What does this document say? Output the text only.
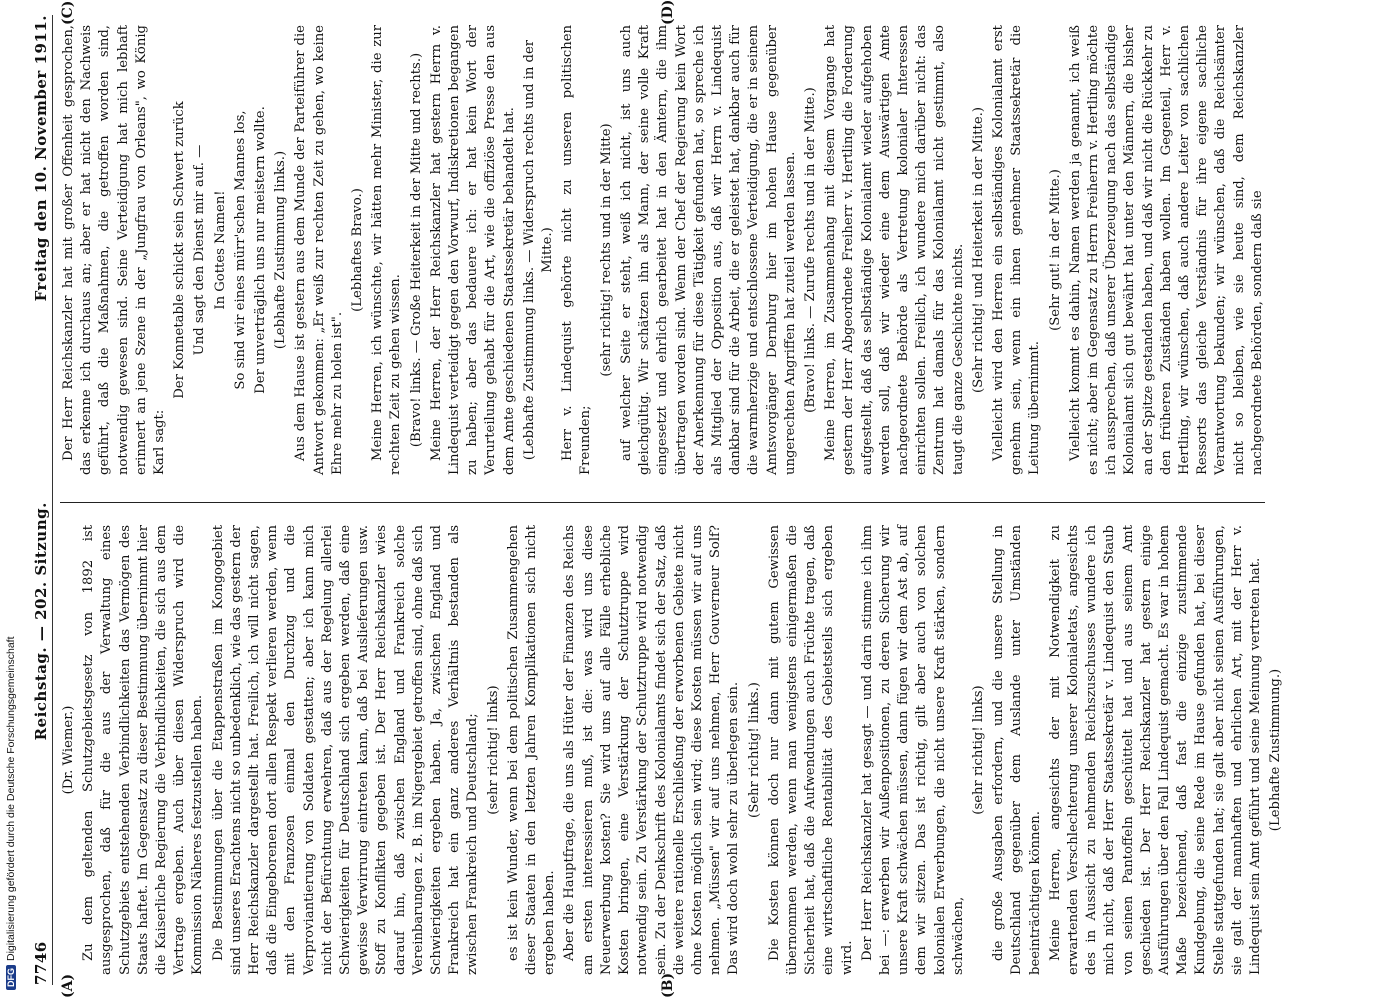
7746
Reichstag. — 202. Sitzung.
Freitag den 10. November 1911.

(Dr. Wiemer.) Zu dem geltenden Schutzgebietsgesetz von 1892 ist ausgesprochen, daß für die aus der Verwaltung eines Schutzgebiets entstehenden Verbindlichkeiten das Vermögen des Staats haftet. Im Gegensatz zu dieser Bestimmung übernimmt hier die Kaiserliche Regierung die Verbindlichkeiten, die sich aus dem Vertrage ergeben. Auch über diesen Widerspruch wird die Kommission Näheres festzustellen haben. Die Bestimmungen über die Etappenstraßen im Kongogebiet sind unseres Erachtens nicht so unbedenklich, wie das gestern der Herr Reichskanzler dargestellt hat. Freilich, ich will nicht sagen, daß die Eingeborenen dort allen Respekt verlieren werden, wenn mit den Franzosen einmal den Durchzug und die Verproviantierung von Soldaten gestatten; aber ich kann mich nicht der Befürchtung erwehren, daß aus der Regelung allerlei Schwierigkeiten für Deutschland sich ergeben werden, daß eine gewisse Verwirrung eintreten kann, daß bei Auslieferungen usw. Stoff zu Konflikten gegeben ist. Der Herr Reichskanzler wies darauf hin, daß zwischen England und Frankreich solche Vereinbarungen z. B. im Nigergebiet getroffen sind, ohne daß sich Schwierigkeiten ergeben haben. Ja, zwischen England und Frankreich hat ein ganz anderes Verhältnis bestanden als zwischen Frankreich und Deutschland; (sehr richtig! links) es ist kein Wunder, wenn bei dem politischen Zusammengehen dieser Staaten in den letzten Jahren Komplikationen sich nicht ergeben haben. Aber die Hauptfrage, die uns als Hüter der Finanzen des Reichs am ersten interessieren muß, ist die: was wird uns diese Neuerwerbung kosten? Sie wird uns auf alle Fälle erhebliche Kosten bringen, eine Verstärkung der Schutztruppe wird notwendig sein. Zu Verstärkung der Schutztruppe wird notwendig sein. Zu der Denkschrift des Kolonialamts findet sich der Satz, daß die weitere rationelle Erschließung der erworbenen Gebiete nicht ohne Kosten möglich sein wird; diese Kosten müssen wir auf uns nehmen. „Müssen" wir auf uns nehmen, Herr Gouverneur Solf? Das wird doch wohl sehr zu überlegen sein. (Sehr richtig! links.) Die Kosten können doch nur dann mit gutem Gewissen übernommen werden, wenn man wenigstens einigermaßen die Sicherheit hat, daß die Aufwendungen auch Früchte tragen, daß eine wirtschaftliche Rentabilität des Gebietsteils sich ergeben wird. Der Herr Reichskanzler hat gesagt — und darin stimme ich ihm bei —: erwerben wir Außenpositionen, zu deren Sicherung wir unsere Kraft schwächen müssen, dann fügen wir dem Ast ab, auf dem wir sitzen. Das ist richtig, gilt aber auch von solchen kolonialen Erwerbungen, die nicht unsere Kraft stärken, sondern schwächen,

(sehr richtig! links) die große Ausgaben erfordern, und die unsere Stellung in Deutschland gegenüber dem Auslande unter Umständen beeinträchtigen können. Meine Herren, angesichts der mit Notwendigkeit zu erwartenden Verschlechterung unserer Kolonialetats, angesichts des in Aussicht zu nehmenden Reichszuschusses wundere ich mich nicht, daß der Herr Staatssekretär v. Lindequist den Staub von seinen Pantoffeln geschüttelt hat und aus seinem Amt geschieden ist. Der Herr Reichskanzler hat gestern einige Ausführungen über den Fall Lindequist gemacht. Es war in hohem Maße bezeichnend, daß fast die einzige zustimmende Kundgebung, die seine Rede im Hause gefunden hat, bei dieser Stelle stattgefunden hat; sie galt aber nicht seinen Ausführungen, sie galt der mannhaften und ehrlichen Art, mit der Herr v. Lindequist sein Amt geführt und seine Meinung vertreten hat. (Lebhafte Zustimmung.)

Der Herr Reichskanzler hat mit großer Offenheit gesprochen, das erkenne ich durchaus an; aber er hat nicht den Nachweis geführt, daß die Maßnahmen, die getroffen worden sind, notwendig gewesen sind. Seine Verteidigung hat mich lebhaft erinnert an jene Szene in der „Jungfrau von Orleans", wo König Karl sagt:

Der Konnetable schickt sein Schwert zurück Und sagt den Dienst mir auf. — In Gottes Namen! So sind wir eines mürr'schen Mannes los, Der unverträglich uns nur meistern wollte. (Lebhafte Zustimmung links.) Aus dem Hause ist gestern aus dem Munde der Parteiführer die Antwort gekommen: „Er weiß zur rechten Zeit zu gehen, wo keine Ehre mehr zu holen ist".

(Lebhaftes Bravo.) Meine Herren, ich wünschte, wir hätten mehr Minister, die zur rechten Zeit zu gehen wissen. (Bravo! links. — Große Heiterkeit in der Mitte und rechts.) Meine Herren, der Herr Reichskanzler hat gestern Herrn v. Lindequist verteidigt gegen den Vorwurf, Indiskretionen begangen zu haben; aber das bedauere ich: er hat kein Wort der Verurteilung gehabt für die Art, wie die offiziöse Presse den aus dem Amte geschiedenen Staatssekretär behandelt hat. (Lebhafte Zustimmung links. — Widerspruch rechts und in der Mitte.) Herr v. Lindequist gehörte nicht zu unseren politischen Freunden;

(sehr richtig! rechts und in der Mitte) auf welcher Seite er steht, weiß ich nicht, ist uns auch gleichgültig. Wir schätzen ihn als Mann, der seine volle Kraft eingesetzt und ehrlich gearbeitet hat in den Ämtern, die ihm übertragen worden sind. Wenn der Chef der Regierung kein Wort der Anerkennung für diese Tätigkeit gefunden hat, so spreche ich als Mitglied der Opposition aus, daß wir Herrn v. Lindequist dankbar sind für die Arbeit, die er geleistet hat, dankbar auch für die warmherzige und entschlossene Verteidigung, die er in seinem Amtsvorgänger Dernburg hier im hohen Hause gegenüber ungerechten Angriffen hat zuteil werden lassen. (Bravo! links. — Zurufe rechts und in der Mitte.) Meine Herren, im Zusammenhang mit diesem Vorgange hat gestern der Herr Abgeordnete Freiherr v. Hertling die Forderung aufgestellt, daß das selbständige Kolonialamt wieder aufgehoben werden soll, daß wir wieder eine dem Auswärtigen Amte nachgeordnete Behörde als Vertretung kolonialer Interessen einrichten sollen. Freilich, ich wundere mich darüber nicht: das Zentrum hat damals für das Kolonialamt nicht gestimmt, also taugt die ganze Geschichte nichts. (Sehr richtig! und Heiterkeit in der Mitte.) Vielleicht wird den Herren ein selbständiges Kolonialamt erst genehm sein, wenn ein ihnen genehmer Staatssekretär die Leitung übernimmt.

(Sehr gut! in der Mitte.) Vielleicht kommt es dahin, Namen werden ja genannt, ich weiß es nicht; aber im Gegensatz zu Herrn Freiherrn v. Hertling möchte ich aussprechen, daß unserer Überzeugung nach das selbständige Kolonialamt sich gut bewährt hat unter den Männern, die bisher an der Spitze gestanden haben, und daß wir nicht die Rückkehr zu den früheren Zuständen haben wollen. Im Gegenteil, Herr v. Hertling, wir wünschen, daß auch andere Leiter von sachlichen Ressorts das gleiche Verständnis für ihre eigene sachliche Verantwortung bekunden; wir wünschen, daß die Reichsämter nicht so bleiben, wie sie heute sind, dem Reichskanzler nachgeordnete Behörden, sondern daß sie

(A)	(B)
(C)	(D)
DFG
Digitalisierung gefördert durch die Deutsche Forschungsgemeinschaft
